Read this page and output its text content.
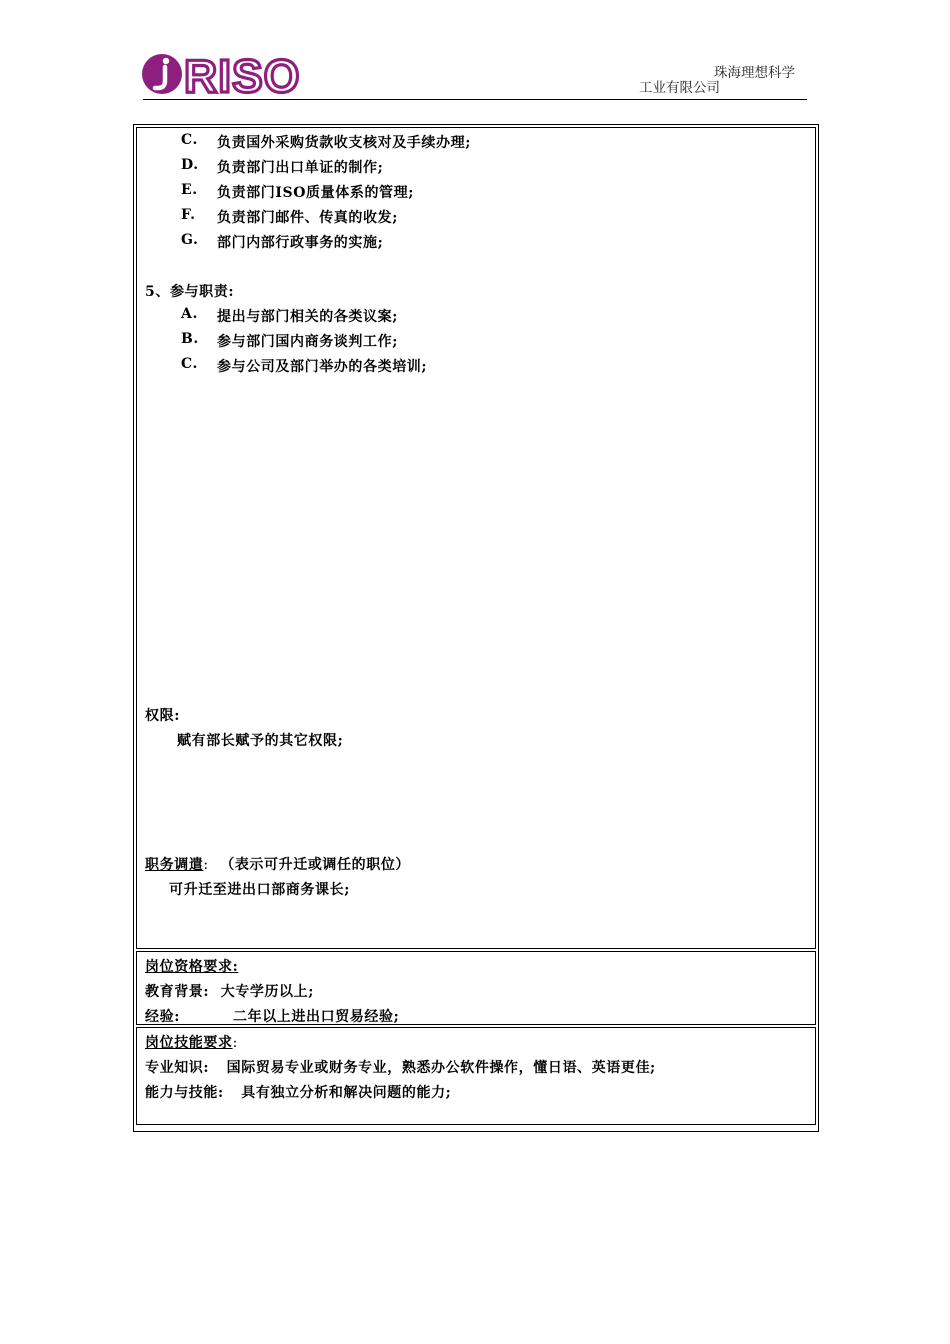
RISO	珠海理想科学
工业有限公司
C. 负责国外采购货款收支核对及手续办理;
D. 负责部门出口单证的制作;
E. 负责部门ISO质量体系的管理;
F. 负责部门邮件、传真的收发;
G. 部门内部行政事务的实施;
5、参与职责:
A. 提出与部门相关的各类议案;
B. 参与部门国内商务谈判工作;
C. 参与公司及部门举办的各类培训;
权限:
赋有部长赋予的其它权限;
职务调遣: （表示可升迁或调任的职位）
可升迁至进出口部商务课长;
岗位资格要求:
教育背景: 大专学历以上;
经验:	二年以上进出口贸易经验;
岗位技能要求:
专业知识: 国际贸易专业或财务专业，熟悉办公软件操作，懂日语、英语更佳;
能力与技能: 具有独立分析和解决问题的能力;
